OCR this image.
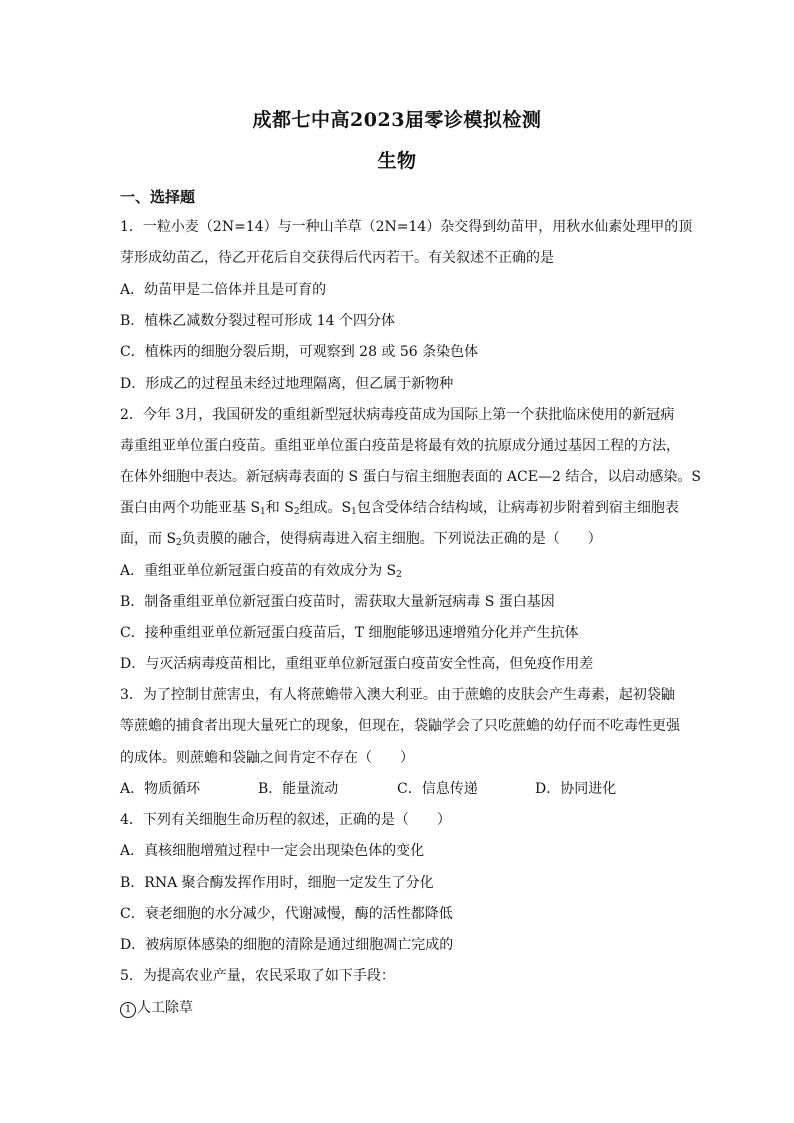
成都七中高2023届零诊模拟检测
生物
一、选择题
1．一粒小麦（2N=14）与一种山羊草（2N=14）杂交得到幼苗甲，用秋水仙素处理甲的顶
芽形成幼苗乙，待乙开花后自交获得后代丙若干。有关叙述不正确的是
A．幼苗甲是二倍体并且是可育的
B．植株乙减数分裂过程可形成 14 个四分体
C．植株丙的细胞分裂后期，可观察到 28 或 56 条染色体
D．形成乙的过程虽未经过地理隔离，但乙属于新物种
2．今年 3月，我国研发的重组新型冠状病毒疫苗成为国际上第一个获批临床使用的新冠病
毒重组亚单位蛋白疫苗。重组亚单位蛋白疫苗是将最有效的抗原成分通过基因工程的方法，
在体外细胞中表达。新冠病毒表面的 S 蛋白与宿主细胞表面的 ACE—2 结合，以启动感染。S
蛋白由两个功能亚基 $S_1$和 $S_2$组成。$S_1$包含受体结合结构域，让病毒初步附着到宿主细胞表
面，而 $S_2$负责膜的融合，使得病毒进入宿主细胞。下列说法正确的是（　　）
A．重组亚单位新冠蛋白疫苗的有效成分为 $S_2$
B．制备重组亚单位新冠蛋白疫苗时，需获取大量新冠病毒 S 蛋白基因
C．接种重组亚单位新冠蛋白疫苗后，T 细胞能够迅速增殖分化并产生抗体
D．与灭活病毒疫苗相比，重组亚单位新冠蛋白疫苗安全性高，但免疫作用差
3．为了控制甘蔗害虫，有人将蔗蟾带入澳大利亚。由于蔗蟾的皮肤会产生毒素，起初袋鼬
等蔗蟾的捕食者出现大量死亡的现象，但现在，袋鼬学会了只吃蔗蟾的幼仔而不吃毒性更强
的成体。则蔗蟾和袋鼬之间肯定不存在（　　）
A．物质循环	B．能量流动	C．信息传递	D．协同进化
4．下列有关细胞生命历程的叙述，正确的是（　　）
A．真核细胞增殖过程中一定会出现染色体的变化
B．RNA 聚合酶发挥作用时，细胞一定发生了分化
C．衰老细胞的水分减少，代谢减慢，酶的活性都降低
D．被病原体感染的细胞的清除是通过细胞凋亡完成的
5．为提高农业产量，农民采取了如下手段：
1 人工除草
